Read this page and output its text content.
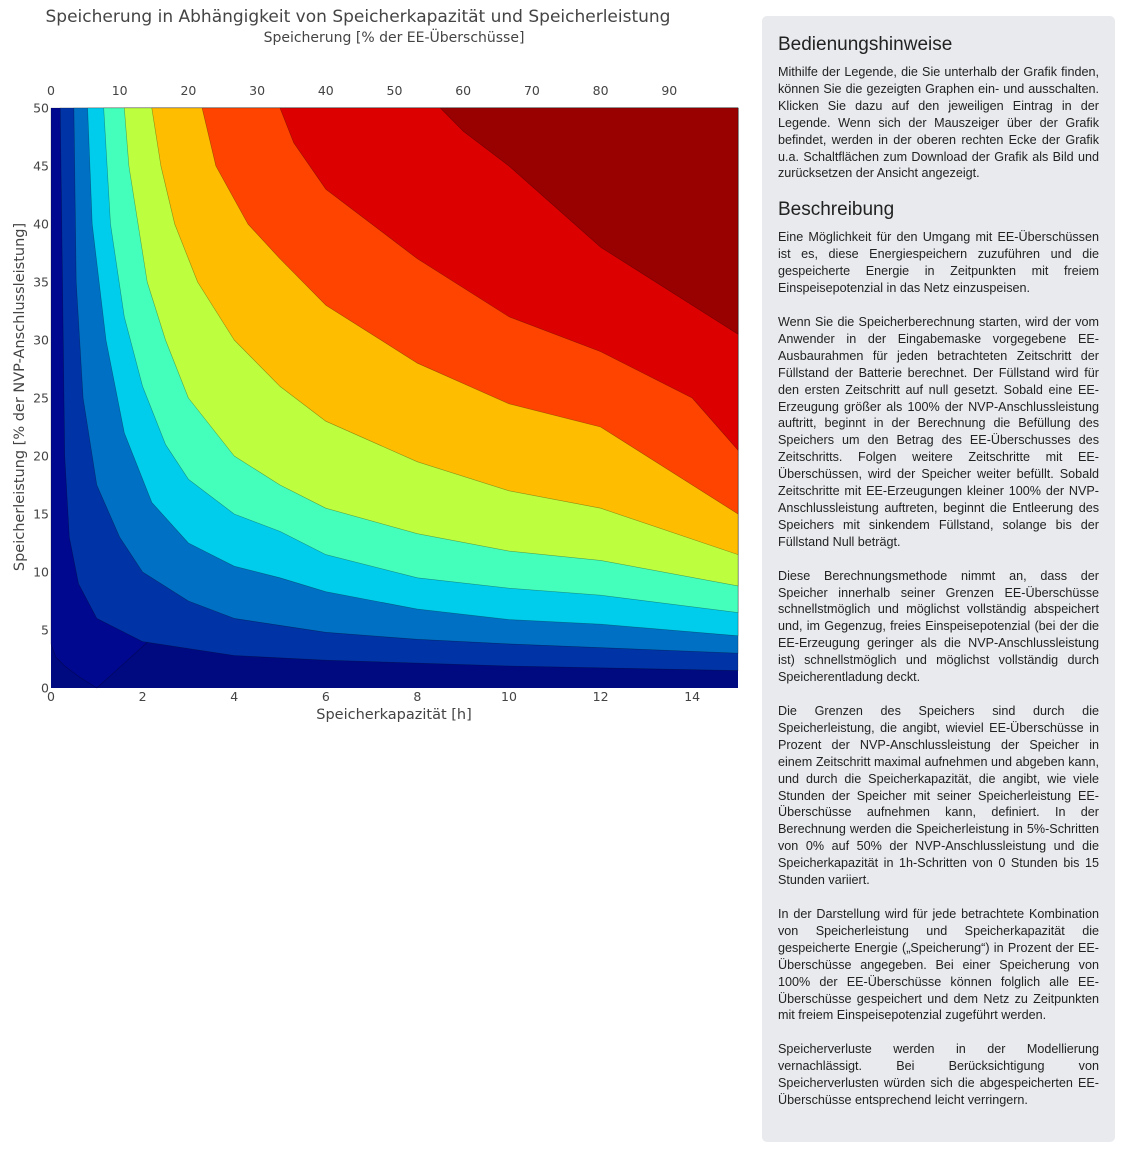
Speicherung in Abhängigkeit von Speicherkapazität und Speicherleistung
Speicherung [% der EE-Überschüsse]
0	10	20	30	40	50	60	70	80	90
0	2	4	6	8	10	12	14
0
5
10
15
20
25
30
35
40
45
50
Speicherkapazität [h]
Speicherleistung [% der NVP-Anschlussleistung]
Bedienungshinweise

Mithilfe der Legende, die Sie unterhalb der Grafik finden, können Sie die gezeigten Graphen ein- und ausschalten. Klicken Sie dazu auf den jeweiligen Eintrag in der Legende. Wenn sich der Mauszeiger über der Grafik befindet, werden in der oberen rechten Ecke der Grafik u.a. Schaltflächen zum Download der Grafik als Bild und zurücksetzen der Ansicht angezeigt.

Beschreibung

Eine Möglichkeit für den Umgang mit EE-Überschüssen ist es, diese Energiespeichern zuzuführen und die gespeicherte Energie in Zeitpunkten mit freiem Einspeisepotenzial in das Netz einzuspeisen.

Wenn Sie die Speicherberechnung starten, wird der vom Anwender in der Eingabemaske vorgegebene EE-Ausbaurahmen für jeden betrachteten Zeitschritt der Füllstand der Batterie berechnet. Der Füllstand wird für den ersten Zeitschritt auf null gesetzt. Sobald eine EE-Erzeugung größer als 100% der NVP-Anschlussleistung auftritt, beginnt in der Berechnung die Befüllung des Speichers um den Betrag des EE-Überschusses des Zeitschritts. Folgen weitere Zeitschritte mit EE-Überschüssen, wird der Speicher weiter befüllt. Sobald Zeitschritte mit EE-Erzeugungen kleiner 100% der NVP-Anschlussleistung auftreten, beginnt die Entleerung des Speichers mit sinkendem Füllstand, solange bis der Füllstand Null beträgt.

Diese Berechnungsmethode nimmt an, dass der Speicher innerhalb seiner Grenzen EE-Überschüsse schnellstmöglich und möglichst vollständig abspeichert und, im Gegenzug, freies Einspeisepotenzial (bei der die EE-Erzeugung geringer als die NVP-Anschlussleistung ist) schnellstmöglich und möglichst vollständig durch Speicherentladung deckt.

Die Grenzen des Speichers sind durch die Speicherleistung, die angibt, wieviel EE-Überschüsse in Prozent der NVP-Anschlussleistung der Speicher in einem Zeitschritt maximal aufnehmen und abgeben kann, und durch die Speicherkapazität, die angibt, wie viele Stunden der Speicher mit seiner Speicherleistung EE-Überschüsse aufnehmen kann, definiert. In der Berechnung werden die Speicherleistung in 5%-Schritten von 0% auf 50% der NVP-Anschlussleistung und die Speicherkapazität in 1h-Schritten von 0 Stunden bis 15 Stunden variiert.

In der Darstellung wird für jede betrachtete Kombination von Speicherleistung und Speicherkapazität die gespeicherte Energie („Speicherung“) in Prozent der EE-Überschüsse angegeben. Bei einer Speicherung von 100% der EE-Überschüsse können folglich alle EE-Überschüsse gespeichert und dem Netz zu Zeitpunkten mit freiem Einspeisepotenzial zugeführt werden.

Speicherverluste werden in der Modellierung vernachlässigt. Bei Berücksichtigung von Speicherverlusten würden sich die abgespeicherten EE-Überschüsse entsprechend leicht verringern.
